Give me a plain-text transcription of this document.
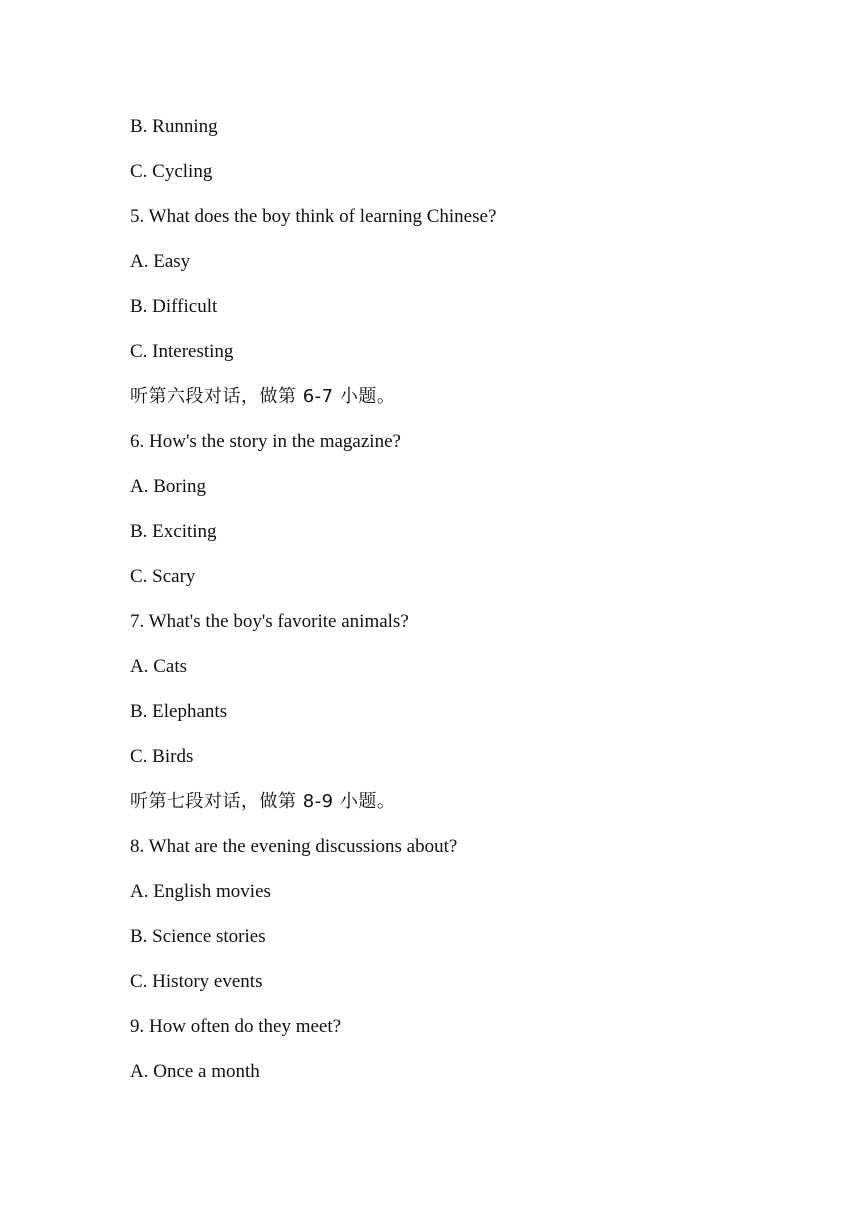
B. Running
C. Cycling
5. What does the boy think of learning Chinese?
A. Easy
B. Difficult
C. Interesting
听第六段对话，做第 6-7 小题。
6. How's the story in the magazine?
A. Boring
B. Exciting
C. Scary
7. What's the boy's favorite animals?
A. Cats
B. Elephants
C. Birds
听第七段对话，做第 8-9 小题。
8. What are the evening discussions about?
A. English movies
B. Science stories
C. History events
9. How often do they meet?
A. Once a month
